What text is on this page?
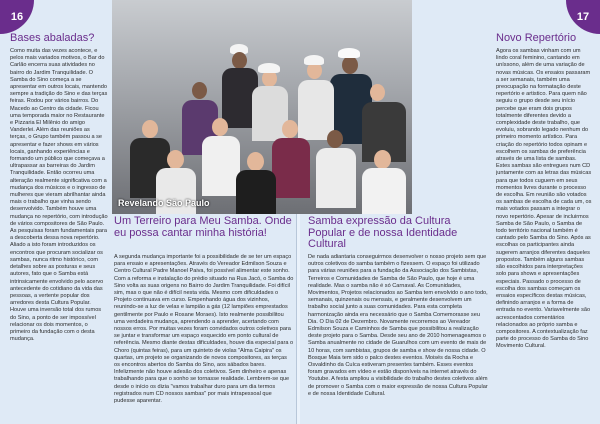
16	17
Bases abaladas?
Como muita das vezes acontece, e pelos mais variados motivos, o Bar do Carlão encerra suas atividades no bairro do Jardim Tranquilidade. O Samba do Sino começa a se apresentar em outros locais, mantendo sempre a tradição do Sino e das terças feiras. Rodou por vários bairros. Do Macedo ao Centro da cidade. Ficou uma temporada maior no Restaurante e Pizzaria El Milênio do amigo Vanderlei. Além das reuniões as terças, o Grupo também passou a se apresentar e fazer shows em vários locais, ganhando experiências e formando um público que começava a ultrapassar as barreiras do Jardim Tranquilidade. Então ocorreu uma alteração realmente significativa com a mudança dos músicos e o ingresso de mulheres que vieram abrilhantar ainda mais o trabalho que vinha sendo desenvolvido. Também houve uma mudança no repertório, com introdução de vários compositores de São Paulo. As pesquisas foram fundamentais para a descoberta dessa nova repertório. Aliado a isto foram introduzidos os encontros que procuram socializar os sambas, nunca ritmo histórico, com detalhes sobre as posturas e seus autores, fato que o Samba está intrinsicamente envolvido pelo acervo antecedente do cotidiano da vida das pessoas, a vertente popular dos arredores desta Cultura Popular. Houve uma inversão total dos rumos do Sino, a ponto de ser impossível relacionar os dois momentos, o primeiro da fundação com o desta mudança.
Revelando São Paulo
Um Terreiro para Meu Samba. Onde eu possa cantar minha história!
A segunda mudança importante foi a possibilidade de se ter um espaço para ensaio e apresentações. Através do Vereador Edmilson Souza e Centro Cultural Padre Manoel Paiva, foi possível alimentar este sonho. Com a reforma e instalação do prédio situado na Rua Jacó, o Samba do Sino volta as suas origens no Bairro do Jardim Tranquilidade. Foi difícil sim, mas o que não é difícil nesta vida. Mesmo com dificuldades o Projeto continuava em curso. Empenhando água dos vizinhos, reunindo-se a luz de velas e lampião a gás (12 lampiões emprestados gentilmente por Paulo e Rosane Moraes). Isto realmente possibilitou uma verdadeira mudança, aprendendo a aprender, acertando com nossos erros. Por muitas vezes foram convidados outros coletivos para se juntar e transformar um espaço esquecido em ponto cultural de referência. Mesmo diante destas dificuldades, houve dia especial para o Choro (quintas feiras), para um quinteto de violas "Alma Caipira" os quartas, um projeto se organizando de novos compositores, as terças os encontros abertos do Samba do Sino, aos sábados bares. Infelizmente não houve adesão dos coletivos. Sem dinheiro e apenas trabalhando para que o sonho se tornasse realidade. Lembrem-se que desde o início os dizia "vamos trabalhar duro para um dia termos registrados num CD nossos sambas" por mais intrapessoal que pudesse aparentar.
Samba expressão da Cultura Popular e de nossa Identidade Cultural
De nada adiantaria conseguirmos desenvolver o nosso projeto sem que outros coletivos do samba também o fizessem. O espaço foi utilizado para várias reuniões para a fundação da Associação dos Sambistas, Terreiros e Comunidades de Samba de São Paulo, que hoje é uma realidade. Mas o samba não é só Carnaval. As Comunidades, Movimentos, Projetos relacionados ao Samba tem envolvido o ano todo, semanais, quinzenais ou mensais, e geralmente desenvolvem um trabalho social junto a suas comunidades. Para esta completa harmonização ainda era necessário que o Samba Comemorasse seu Dia. O Dia 02 de Dezembro. Novamente recorremos ao Vereador Edmilson Souza e Caminhos de Samba que possibilitou a realização deste projeto para o Samba. Desde seu ano de 2010 homenageamos o Samba anualmente no cidade de Guarulhos com um evento de mais de 10 horas, com sambistas, grupos de samba e show de nossa cidade. O Bosque Maia tem sido o palco destes eventos. Moisés da Rocha e Osvaldinho da Cuíca estiveram presentes também. Esses eventos foram gravados em vídeo e estão disponíveis na internet através do Youtube. A festa ampliou a visibilidade do trabalho destes coletivos além de promover o Samba com o maior expressão de nossa Cultura Popular e de nossa Identidade Cultural.
Novo Repertório
Agora os sambas vinham com um lindo coral feminino, cantando em uníssono, além de uma variação de novas músicas. Os ensaios passaram a ser semanais, também uma preocupação na formatação deste repertório e artistico. Para quem não seguiu o grupo desde seu início percebe que eram dois grupos totalmente diferentes devido a complexidade deste trabalho, que evoluiu, sobrando legado nenhum do primeiro momento artístico. Para criação do repertório todos opinam e escolhem os sambas de preferência através de uma lista de sambas. Estes sambas são entregues num CD juntamente com as letras das músicas para que todos cuguem em seus momentos livres durante o processo de escolha. Em reunião são votados os sambas de escolha de cada um, os mais votados passam a integrar o novo repertório. Apesar de incluirmos Samba de São Paulo, o Samba de todo território nacional também é cantado pelo Samba do Sino. Após as escolhas os participantes ainda sugerem arranjos diferentes daqueles propostos. Também alguns sambas são escolhidos para interpretações solo para shows e apresentações especiais. Passado o processo de escolha dos sambas começam os ensaios específicos destas músicas, definindo arranjos e a forma de entrada no evento. Variavelmente são acrescentados comentários relacionados ao próprio samba e compositores. A contextualização faz parte do processo do Samba do Sino Movimento Cultural.
